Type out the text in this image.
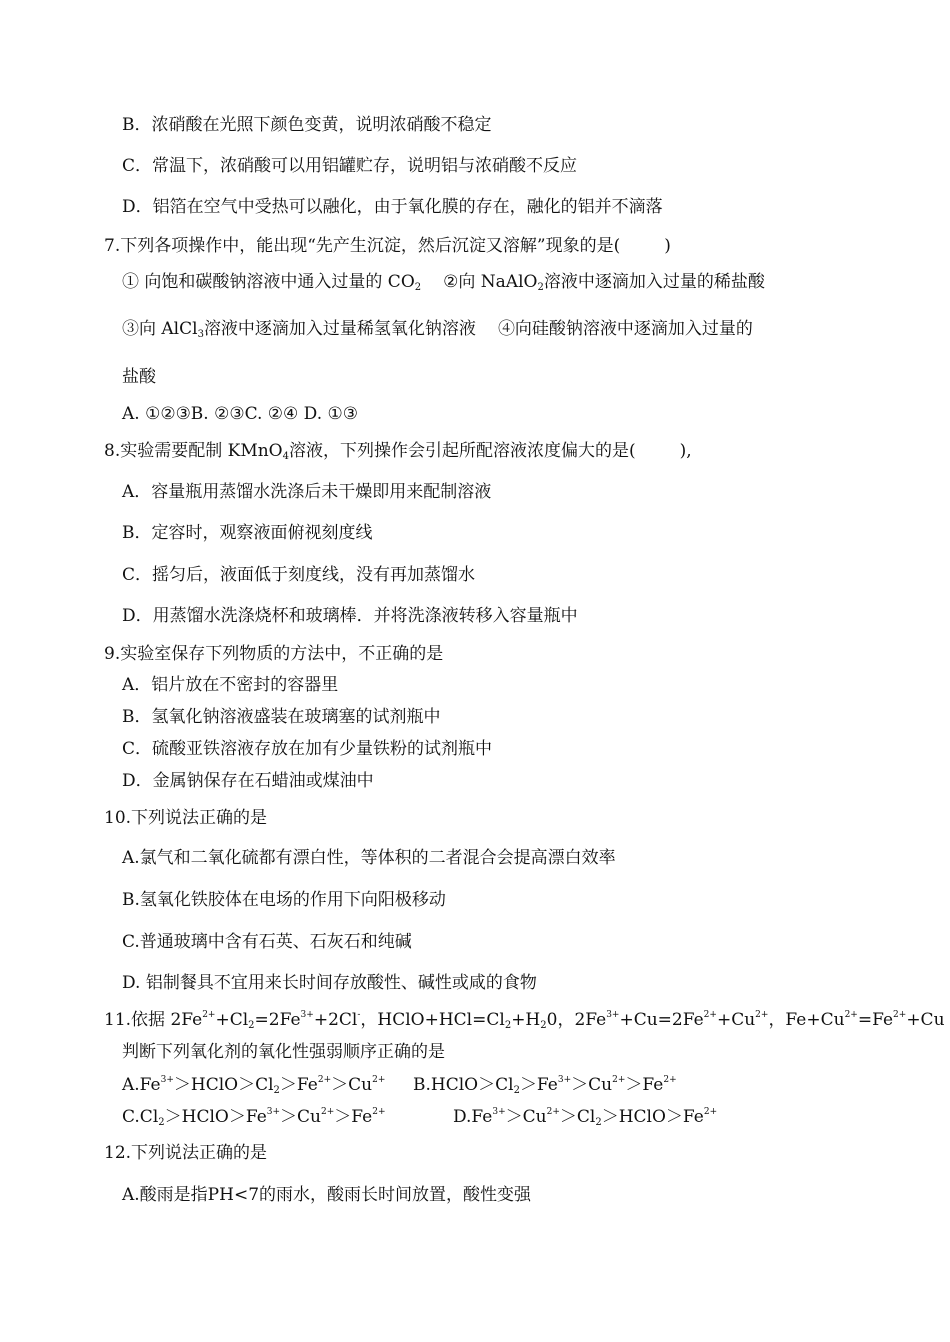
B．浓硝酸在光照下颜色变黄，说明浓硝酸不稳定
C．常温下，浓硝酸可以用铝罐贮存，说明铝与浓硝酸不反应
D．铝箔在空气中受热可以融化，由于氧化膜的存在，融化的铝并不滴落
7.下列各项操作中，能出现“先产生沉淀，然后沉淀又溶解”现象的是(	)
① 向饱和碳酸钠溶液中通入过量的 $CO_2$ ②向 NaAlO$_2$溶液中逐滴加入过量的稀盐酸
③向 AlCl$_3$溶液中逐滴加入过量稀氢氧化钠溶液 ④向硅酸钠溶液中逐滴加入过量的
盐酸
A. ①②③B. ②③C. ②④ D. ①③
8.实验需要配制 KMnO$_4$溶液，下列操作会引起所配溶液浓度偏大的是(	),
A．容量瓶用蒸馏水洗涤后未干燥即用来配制溶液
B．定容时，观察液面俯视刻度线
C．摇匀后，液面低于刻度线，没有再加蒸馏水
D．用蒸馏水洗涤烧杯和玻璃棒．并将洗涤液转移入容量瓶中
9.实验室保存下列物质的方法中，不正确的是
A．铝片放在不密封的容器里
B．氢氧化钠溶液盛装在玻璃塞的试剂瓶中
C．硫酸亚铁溶液存放在加有少量铁粉的试剂瓶中
D．金属钠保存在石蜡油或煤油中
10.下列说法正确的是
A.氯气和二氧化硫都有漂白性，等体积的二者混合会提高漂白效率
B.氢氧化铁胶体在电场的作用下向阳极移动
C.普通玻璃中含有石英、石灰石和纯碱
D. 铝制餐具不宜用来长时间存放酸性、碱性或咸的食物
11.依据 $2Fe^{2+}+Cl_2=2Fe^{3+}+2Cl^-$，$HClO+HCl=Cl_2+H_20$，$2Fe^{3+}+Cu=2Fe^{2+}+Cu^{2+}$，$Fe+Cu^{2+}=Fe^{2+}+Cu$
判断下列氧化剂的氧化性强弱顺序正确的是
$A.Fe^{3+}>HClO>Cl_2>Fe^{2+}>Cu^{2+}$ $B.HClO>Cl_2>Fe^{3+}>Cu^{2+}>Fe^{2+}$
$C.Cl_2>HClO>Fe^{3+}>Cu^{2+}>Fe^{2+}$	$D.Fe^{3+}>Cu^{2+}>Cl_2>HClO>Fe^{2+}$
12.下列说法正确的是
A.酸雨是指PH<7的雨水，酸雨长时间放置，酸性变强
